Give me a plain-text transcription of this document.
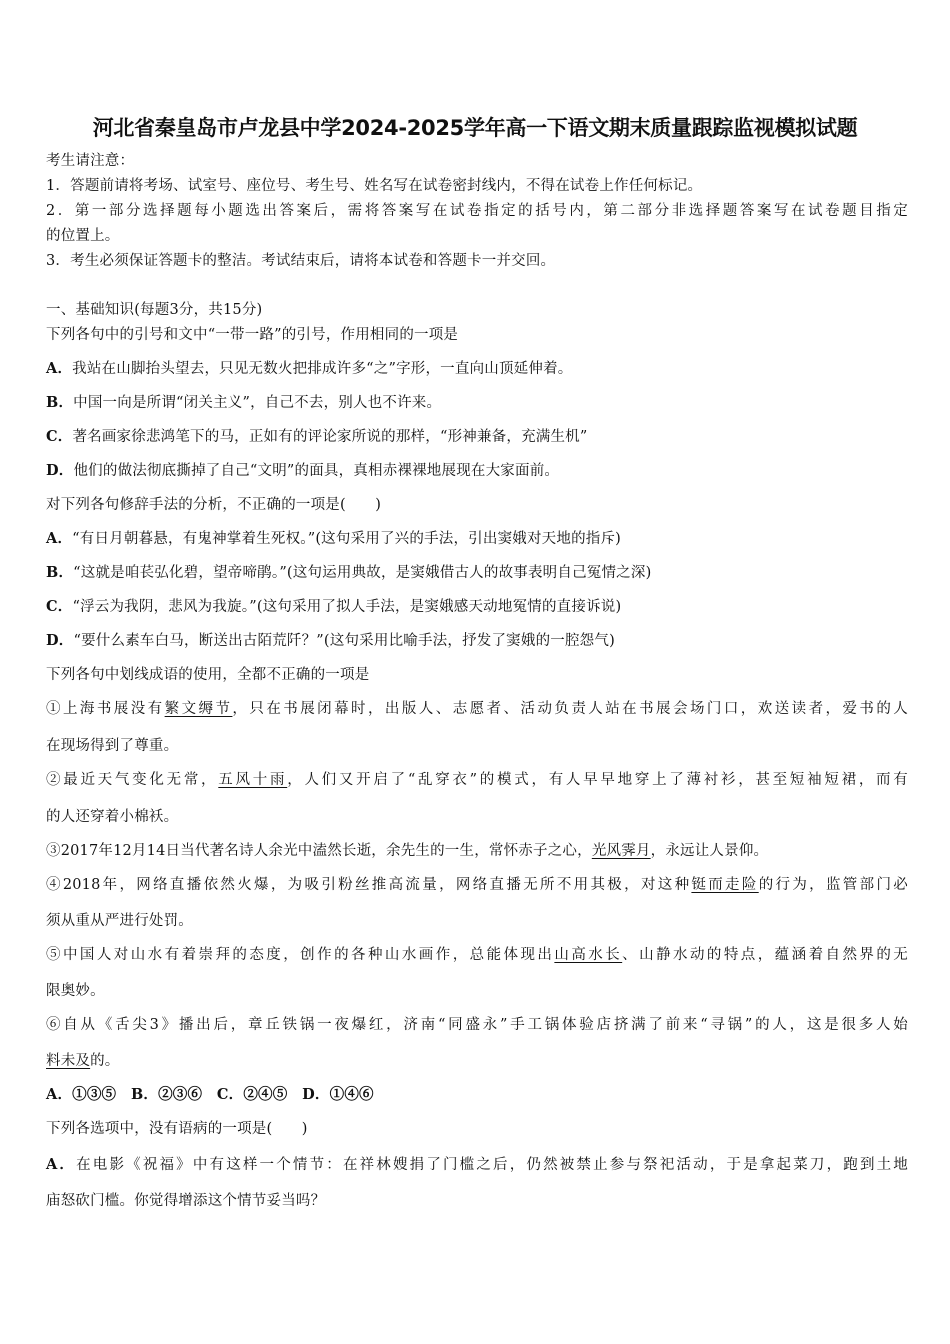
河北省秦皇岛市卢龙县中学2024-2025学年高一下语文期末质量跟踪监视模拟试题
考生请注意：
1．答题前请将考场、试室号、座位号、考生号、姓名写在试卷密封线内，不得在试卷上作任何标记。
2．第一部分选择题每小题选出答案后，需将答案写在试卷指定的括号内，第二部分非选择题答案写在试卷题目指定
的位置上。
3．考生必须保证答题卡的整洁。考试结束后，请将本试卷和答题卡一并交回。
一、基础知识(每题3分，共15分)
下列各句中的引号和文中“一带一路”的引号，作用相同的一项是
A．我站在山脚抬头望去，只见无数火把排成许多“之”字形，一直向山顶延伸着。
B．中国一向是所谓“闭关主义”，自己不去，别人也不许来。
C．著名画家徐悲鸿笔下的马，正如有的评论家所说的那样，“形神兼备，充满生机”
D．他们的做法彻底撕掉了自己“文明”的面具，真相赤裸裸地展现在大家面前。
对下列各句修辞手法的分析，不正确的一项是(　　)
A．“有日月朝暮悬，有鬼神掌着生死权。”(这句采用了兴的手法，引出窦娥对天地的指斥)
B．“这就是咱苌弘化碧，望帝啼鹃。”(这句运用典故，是窦娥借古人的故事表明自己冤情之深)
C．“浮云为我阴，悲风为我旋。”(这句采用了拟人手法，是窦娥感天动地冤情的直接诉说)
D．“要什么素车白马，断送出古陌荒阡？”(这句采用比喻手法，抒发了窦娥的一腔怨气)
下列各句中划线成语的使用，全都不正确的一项是
①上海书展没有繁文缛节，只在书展闭幕时，出版人、志愿者、活动负责人站在书展会场门口，欢送读者，爱书的人
在现场得到了尊重。
②最近天气变化无常，五风十雨，人们又开启了“乱穿衣”的模式，有人早早地穿上了薄衬衫，甚至短袖短裙，而有
的人还穿着小棉袄。
③2017年12月14日当代著名诗人余光中溘然长逝，余先生的一生，常怀赤子之心，光风霁月，永远让人景仰。
④2018年，网络直播依然火爆，为吸引粉丝推高流量，网络直播无所不用其极，对这种铤而走险的行为，监管部门必
须从重从严进行处罚。
⑤中国人对山水有着崇拜的态度，创作的各种山水画作，总能体现出山高水长、山静水动的特点，蕴涵着自然界的无
限奥妙。
⑥自从《舌尖3》播出后，章丘铁锅一夜爆红，济南“同盛永”手工锅体验店挤满了前来“寻锅”的人，这是很多人始
料未及的。
A．①③⑤　B．②③⑥　C．②④⑤　D．①④⑥
下列各选项中，没有语病的一项是(　　)
A．在电影《祝福》中有这样一个情节：在祥林嫂捐了门槛之后，仍然被禁止参与祭祀活动，于是拿起菜刀，跑到土地
庙怒砍门槛。你觉得增添这个情节妥当吗？
